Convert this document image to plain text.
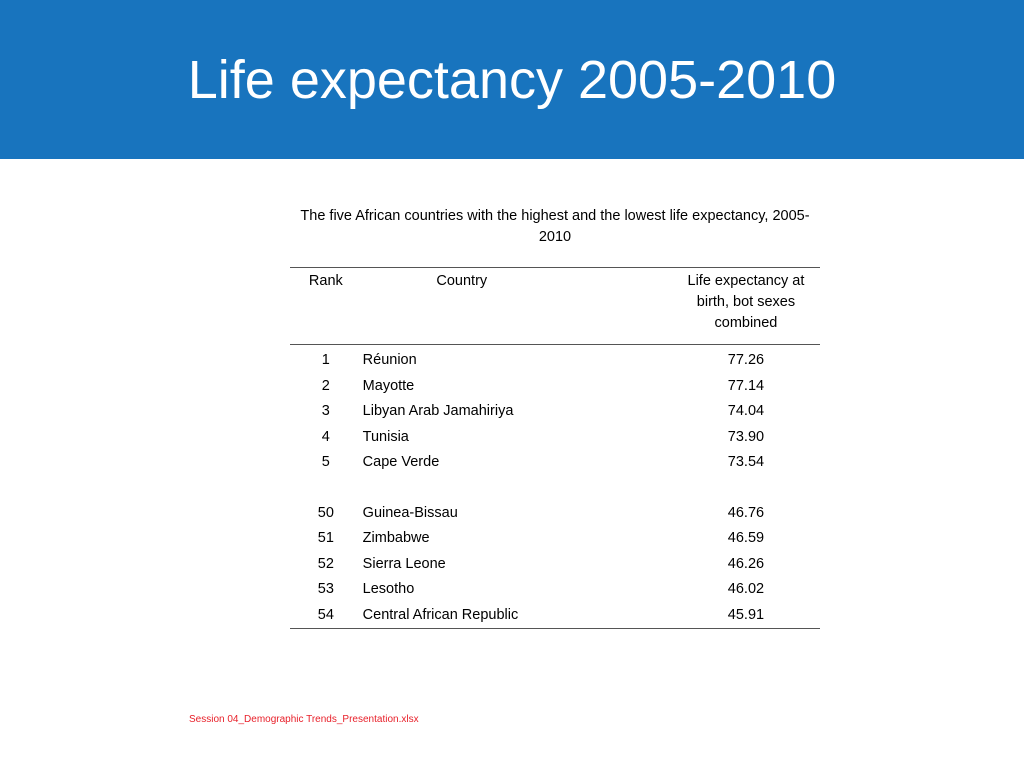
Life expectancy 2005-2010
The five African countries with the highest and the lowest life expectancy, 2005-2010
Rank	Country	Life expectancy at birth, bot sexes combined
1	Réunion	77.26
2	Mayotte	77.14
3	Libyan Arab Jamahiriya	74.04
4	Tunisia	73.90
5	Cape Verde	73.54

50	Guinea-Bissau	46.76
51	Zimbabwe	46.59
52	Sierra Leone	46.26
53	Lesotho	46.02
54	Central African Republic	45.91
Session 04_Demographic Trends_Presentation.xlsx
